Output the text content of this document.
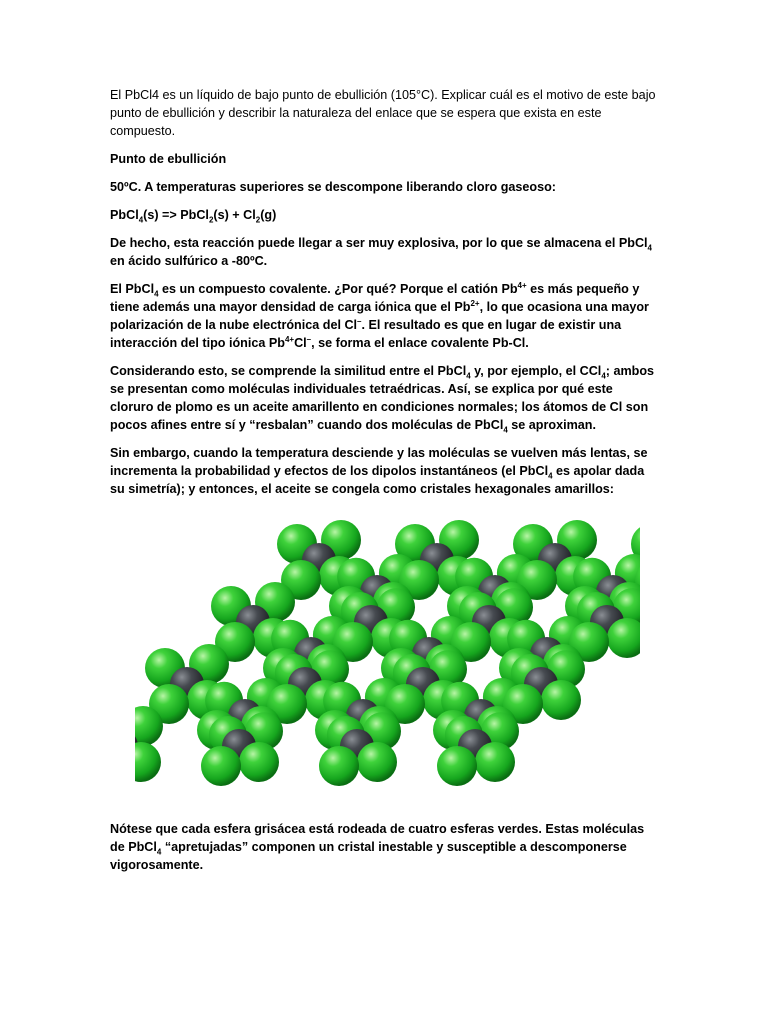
El PbCl4 es un líquido de bajo punto de ebullición (105°C). Explicar cuál es el motivo de este bajo punto de ebullición y describir la naturaleza del enlace que se espera que exista en este compuesto.

Punto de ebullición

50ºC. A temperaturas superiores se descompone liberando cloro gaseoso:

PbCl$_4$(s) => PbCl$_2$(s) + $Cl_2(g)$

De hecho, esta reacción puede llegar a ser muy explosiva, por lo que se almacena el PbCl$_4$ en ácido sulfúrico a -80ºC.

El PbCl$_4$ es un compuesto covalente. ¿Por qué? Porque el catión $Pb^{4+}$ es más pequeño y tiene además una mayor densidad de carga iónica que el $Pb^{2+}$, lo que ocasiona una mayor polarización de la nube electrónica del Cl–. El resultado es que en lugar de existir una interacción del tipo iónica $Pb^{4+}Cl^-$, se forma el enlace covalente Pb-Cl.

Considerando esto, se comprende la similitud entre el PbCl$_4$ y, por ejemplo, el CCl$_4$; ambos se presentan como moléculas individuales tetraédricas. Así, se explica por qué este cloruro de plomo es un aceite amarillento en condiciones normales; los átomos de Cl son pocos afines entre sí y “resbalan” cuando dos moléculas de PbCl$_4$ se aproximan.

Sin embargo, cuando la temperatura desciende y las moléculas se vuelven más lentas, se incrementa la probabilidad y efectos de los dipolos instantáneos (el PbCl$_4$ es apolar dada su simetría); y entonces, el aceite se congela como cristales hexagonales amarillos:

Nótese que cada esfera grisácea está rodeada de cuatro esferas verdes. Estas moléculas de PbCl$_4$ “apretujadas” componen un cristal inestable y susceptible a descomponerse vigorosamente.
